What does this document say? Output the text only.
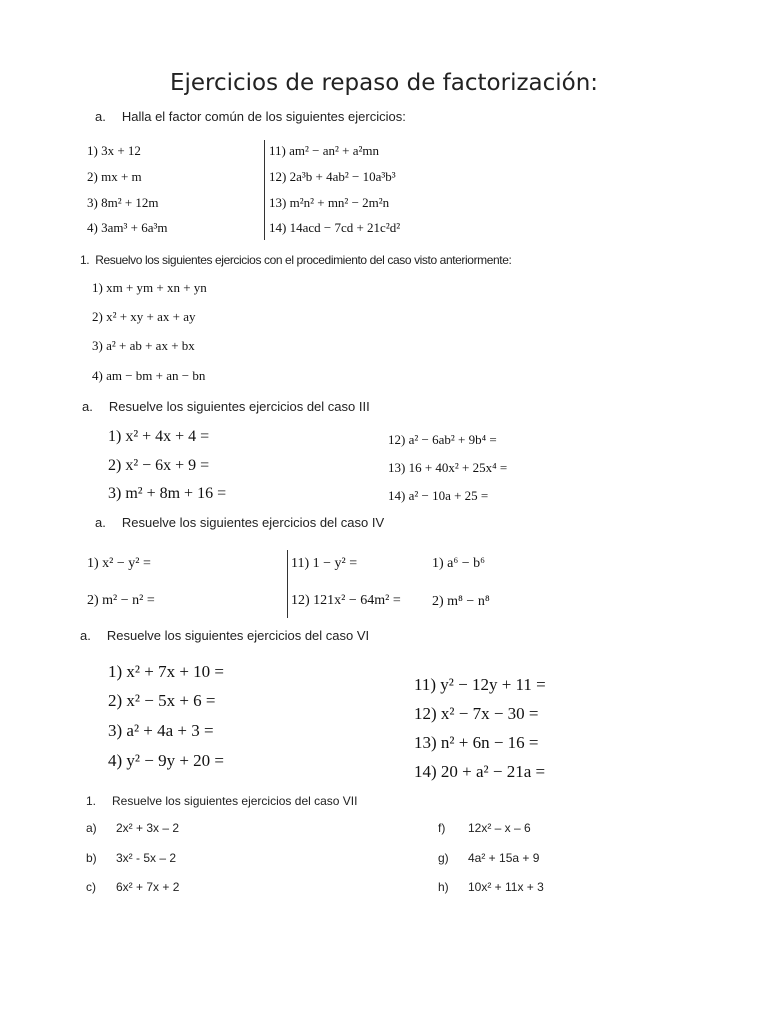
Ejercicios de repaso de factorización:
a. Halla el factor común de los siguientes ejercicios:
1) 3x + 12
2) mx + m
3) 8m² + 12m
4) 3am³ + 6a³m
11) am² − an² + a²mn
12) 2a³b + 4ab² − 10a³b³
13) m²n² + mn² − 2m²n
14) 14acd − 7cd + 21c²d²
1. Resuelvo los siguientes ejercicios con el procedimiento del caso visto anteriormente:
1) xm + ym + xn + yn
2) x² + xy + ax + ay
3) a² + ab + ax + bx
4) am − bm + an − bn
a. Resuelve los siguientes ejercicios del caso III
1) x² + 4x + 4 =
2) x² − 6x + 9 =
3) m² + 8m + 16 =
12) a² − 6ab² + 9b⁴ =
13) 16 + 40x² + 25x⁴ =
14) a² − 10a + 25 =
a. Resuelve los siguientes ejercicios del caso IV
1) x² − y² =
2) m² − n² =
11) 1 − y² =
12) 121x² − 64m² =
1) a⁶ − b⁶
2) m⁸ − n⁸
a. Resuelve los siguientes ejercicios del caso VI
1) x² + 7x + 10 =
2) x² − 5x + 6 =
3) a² + 4a + 3 =
4) y² − 9y + 20 =
11) y² − 12y + 11 =
12) x² − 7x − 30 =
13) n² + 6n − 16 =
14) 20 + a² − 21a =
1. Resuelve los siguientes ejercicios del caso VII
a) 2x² + 3x – 2
b) 3x² - 5x – 2
c) 6x² + 7x + 2
f) 12x² – x – 6
g) 4a² + 15a + 9
h) 10x² + 11x + 3
